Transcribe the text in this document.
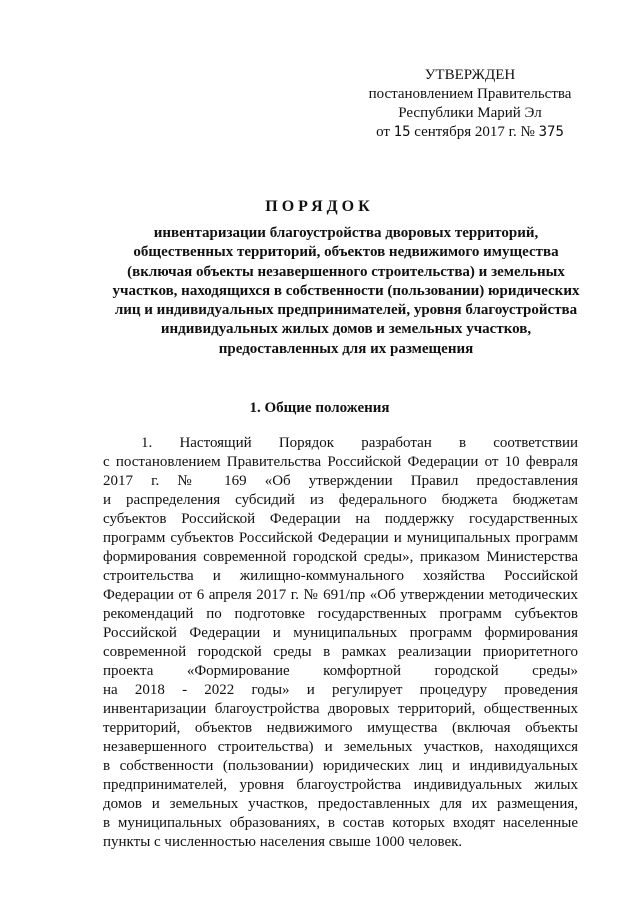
УТВЕРЖДЕН
постановлением Правительства
Республики Марий Эл
от 15 сентября 2017 г. № 375
ПОРЯДОК
инвентаризации благоустройства дворовых территорий,
общественных территорий, объектов недвижимого имущества
(включая объекты незавершенного строительства) и земельных
участков, находящихся в собственности (пользовании) юридических
лиц и индивидуальных предпринимателей, уровня благоустройства
индивидуальных жилых домов и земельных участков,
предоставленных для их размещения
1. Общие положения
1. Настоящий Порядок разработан в соответствии
с постановлением Правительства Российской Федерации от 10 февраля
2017 г. № 169 «Об утверждении Правил предоставления
и распределения субсидий из федерального бюджета бюджетам
субъектов Российской Федерации на поддержку государственных
программ субъектов Российской Федерации и муниципальных программ
формирования современной городской среды», приказом Министерства
строительства и жилищно-коммунального хозяйства Российской
Федерации от 6 апреля 2017 г. № 691/пр «Об утверждении методических
рекомендаций по подготовке государственных программ субъектов
Российской Федерации и муниципальных программ формирования
современной городской среды в рамках реализации приоритетного
проекта «Формирование комфортной городской среды»
на 2018 - 2022 годы» и регулирует процедуру проведения
инвентаризации благоустройства дворовых территорий, общественных
территорий, объектов недвижимого имущества (включая объекты
незавершенного строительства) и земельных участков, находящихся
в собственности (пользовании) юридических лиц и индивидуальных
предпринимателей, уровня благоустройства индивидуальных жилых
домов и земельных участков, предоставленных для их размещения,
в муниципальных образованиях, в состав которых входят населенные
пункты с численностью населения свыше 1000 человек.
